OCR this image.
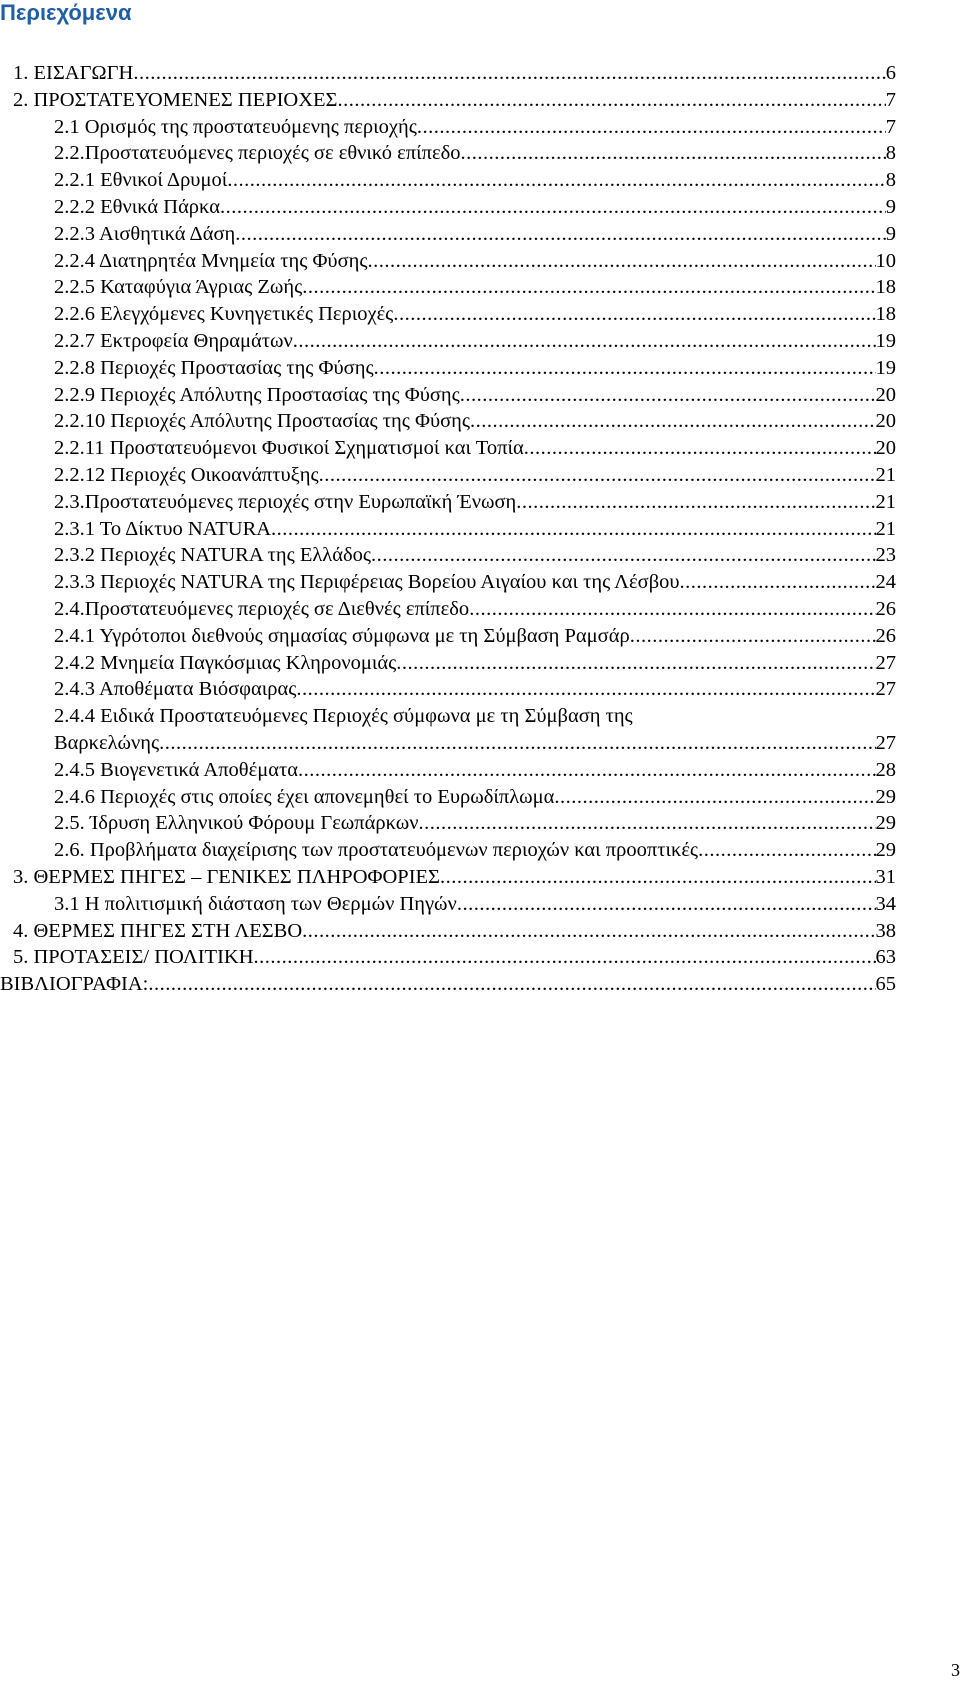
Περιεχόμενα
1. ΕΙΣΑΓΩΓΗ .....	6
2. ΠΡΟΣΤΑΤΕΥΟΜΕΝΕΣ ΠΕΡΙΟΧΕΣ .....	7
2.1 Ορισμός της προστατευόμενης περιοχής .....	7
2.2.Προστατευόμενες περιοχές σε εθνικό επίπεδο .....	8
2.2.1 Εθνικοί Δρυμοί .....	8
2.2.2 Εθνικά Πάρκα .....	9
2.2.3 Αισθητικά Δάση .....	9
2.2.4 Διατηρητέα Μνημεία της Φύσης .....	10
2.2.5 Καταφύγια Άγριας Ζωής .....	18
2.2.6 Ελεγχόμενες Κυνηγετικές Περιοχές .....	18
2.2.7 Εκτροφεία Θηραμάτων .....	19
2.2.8 Περιοχές Προστασίας της Φύσης .....	19
2.2.9 Περιοχές Απόλυτης Προστασίας της Φύσης .....	20
2.2.10 Περιοχές Απόλυτης Προστασίας της Φύσης .....	20
2.2.11 Προστατευόμενοι Φυσικοί Σχηματισμοί και Τοπία .....	20
2.2.12 Περιοχές Οικοανάπτυξης .....	21
2.3.Προστατευόμενες περιοχές στην Ευρωπαϊκή Ένωση .....	21
2.3.1 Το Δίκτυο NATURA .....	21
2.3.2 Περιοχές NATURA της Ελλάδος .....	23
2.3.3 Περιοχές NATURA της Περιφέρειας Βορείου Αιγαίου και της Λέσβου .....	24
2.4.Προστατευόμενες περιοχές σε Διεθνές επίπεδο .....	26
2.4.1 Υγρότοποι διεθνούς σημασίας σύμφωνα με τη Σύμβαση Ραμσάρ .....	26
2.4.2 Μνημεία Παγκόσμιας Κληρονομιάς .....	27
2.4.3 Αποθέματα Βιόσφαιρας .....	27
2.4.4 Ειδικά Προστατευόμενες Περιοχές σύμφωνα με τη Σύμβαση της
Βαρκελώνης .....	27
2.4.5 Βιογενετικά Αποθέματα .....	28
2.4.6 Περιοχές στις οποίες έχει απονεμηθεί το Ευρωδίπλωμα .....	29
2.5. Ίδρυση Ελληνικού Φόρουμ Γεωπάρκων .....	29
2.6. Προβλήματα διαχείρισης των προστατευόμενων περιοχών και προοπτικές .....	29
3. ΘΕΡΜΕΣ ΠΗΓΕΣ – ΓΕΝΙΚΕΣ ΠΛΗΡΟΦΟΡΙΕΣ .....	31
3.1 Η πολιτισμική διάσταση των Θερμών Πηγών .....	34
4. ΘΕΡΜΕΣ ΠΗΓΕΣ ΣΤΗ ΛΕΣΒΟ .....	38
5. ΠΡΟΤΑΣΕΙΣ/ ΠΟΛΙΤΙΚΗ .....	63
ΒΙΒΛΙΟΓΡΑΦΙΑ: .....	65
3
